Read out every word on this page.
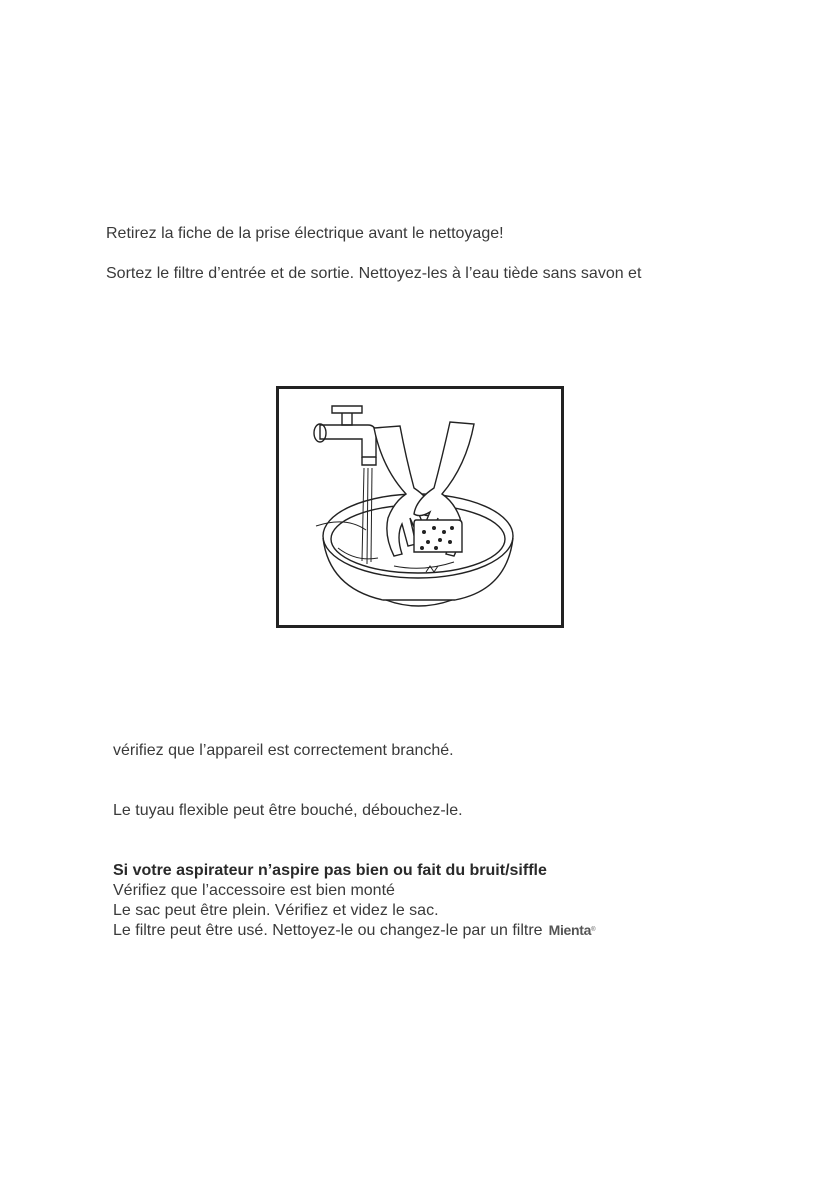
Retirez la fiche de la prise électrique avant le nettoyage!
Sortez le filtre d’entrée et de sortie. Nettoyez-les à l’eau tiède sans savon et
vérifiez que l’appareil est correctement branché.
Le tuyau flexible peut être bouché, débouchez-le.
Si votre aspirateur n’aspire pas bien ou fait du bruit/siffle
Vérifiez que l’accessoire est bien monté
Le sac peut être plein. Vérifiez et videz le sac.
Le filtre peut être usé. Nettoyez-le ou changez-le par un filtre Mienta®
